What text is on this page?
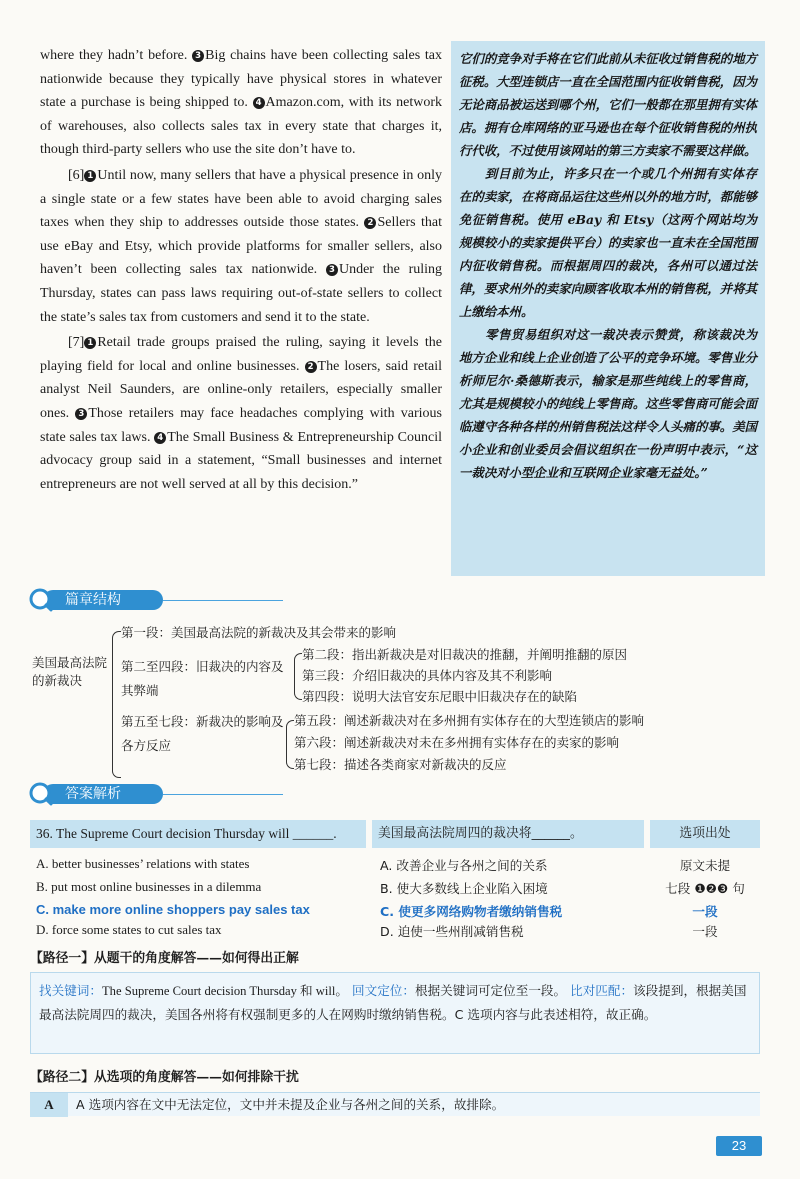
where they hadn’t before. 3 Big chains have been collecting sales tax nationwide because they typically have physical stores in whatever state a purchase is being shipped to. 4 Amazon.com, with its network of warehouses, also collects sales tax in every state that charges it, though third-party sellers who use the site don’t have to.

[6] 1 Until now, many sellers that have a physical presence in only a single state or a few states have been able to avoid charging sales taxes when they ship to addresses outside those states. 2 Sellers that use eBay and Etsy, which provide platforms for smaller sellers, also haven’t been collecting sales tax nationwide. 3 Under the ruling Thursday, states can pass laws requiring out-of-state sellers to collect the state’s sales tax from customers and send it to the state.

[7] 1 Retail trade groups praised the ruling, saying it levels the playing field for local and online businesses. 2 The losers, said retail analyst Neil Saunders, are online-only retailers, especially smaller ones. 3 Those retailers may face headaches complying with various state sales tax laws. 4 The Small Business & Entrepreneurship Council advocacy group said in a statement, “Small businesses and internet entrepreneurs are not well served at all by this decision.”

它们的竞争对手将在它们此前从未征收过销售税的地方征税。大型连锁店一直在全国范围内征收销售税，因为无论商品被运送到哪个州，它们一般都在那里拥有实体店。拥有仓库网络的亚马逊也在每个征收销售税的州执行代收，不过使用该网站的第三方卖家不需要这样做。

到目前为止，许多只在一个或几个州拥有实体存在的卖家，在将商品运往这些州以外的地方时，都能够免征销售税。使用 eBay 和 Etsy（这两个网站均为规模较小的卖家提供平台）的卖家也一直未在全国范围内征收销售税。而根据周四的裁决，各州可以通过法律，要求州外的卖家向顾客收取本州的销售税，并将其上缴给本州。

零售贸易组织对这一裁决表示赞赏，称该裁决为地方企业和线上企业创造了公平的竞争环境。零售业分析师尼尔·桑德斯表示，输家是那些纯线上的零售商，尤其是规模较小的纯线上零售商。这些零售商可能会面临遵守各种各样的州销售税法这样令人头痛的事。美国小企业和创业委员会倡议组织在一份声明中表示，“这一裁决对小型企业和互联网企业家毫无益处。”

篇章结构
美国最高法院的新裁决
第一段：美国最高法院的新裁决及其会带来的影响
第二至四段：旧裁决的内容及其弊端
第二段：指出新裁决是对旧裁决的推翻，并阐明推翻的原因
第三段：介绍旧裁决的具体内容及其不利影响
第四段：说明大法官安东尼眼中旧裁决存在的缺陷
第五至七段：新裁决的影响及各方反应
第五段：阐述新裁决对在多州拥有实体存在的大型连锁店的影响
第六段：阐述新裁决对未在多州拥有实体存在的卖家的影响
第七段：描述各类商家对新裁决的反应
答案解析
36. The Supreme Court decision Thursday will ______.	美国最高法院周四的裁决将______。	选项出处
A. better businesses’ relations with states	A. 改善企业与各州之间的关系	原文未提
B. put most online businesses in a dilemma	B. 使大多数线上企业陷入困境	七段 ❶❷❸ 句
C. make more online shoppers pay sales tax	C. 使更多网络购物者缴纳销售税	一段
D. force some states to cut sales tax	D. 迫使一些州削减销售税	一段
【路径一】从题干的角度解答——如何得出正解
找关键词：The Supreme Court decision Thursday 和 will。 回文定位：根据关键词可定位至一段。 比对匹配：该段提到，根据美国最高法院周四的裁决，美国各州将有权强制更多的人在网购时缴纳销售税。C 选项内容与此表述相符，故正确。
【路径二】从选项的角度解答——如何排除干扰
A	A 选项内容在文中无法定位，文中并未提及企业与各州之间的关系，故排除。
23
